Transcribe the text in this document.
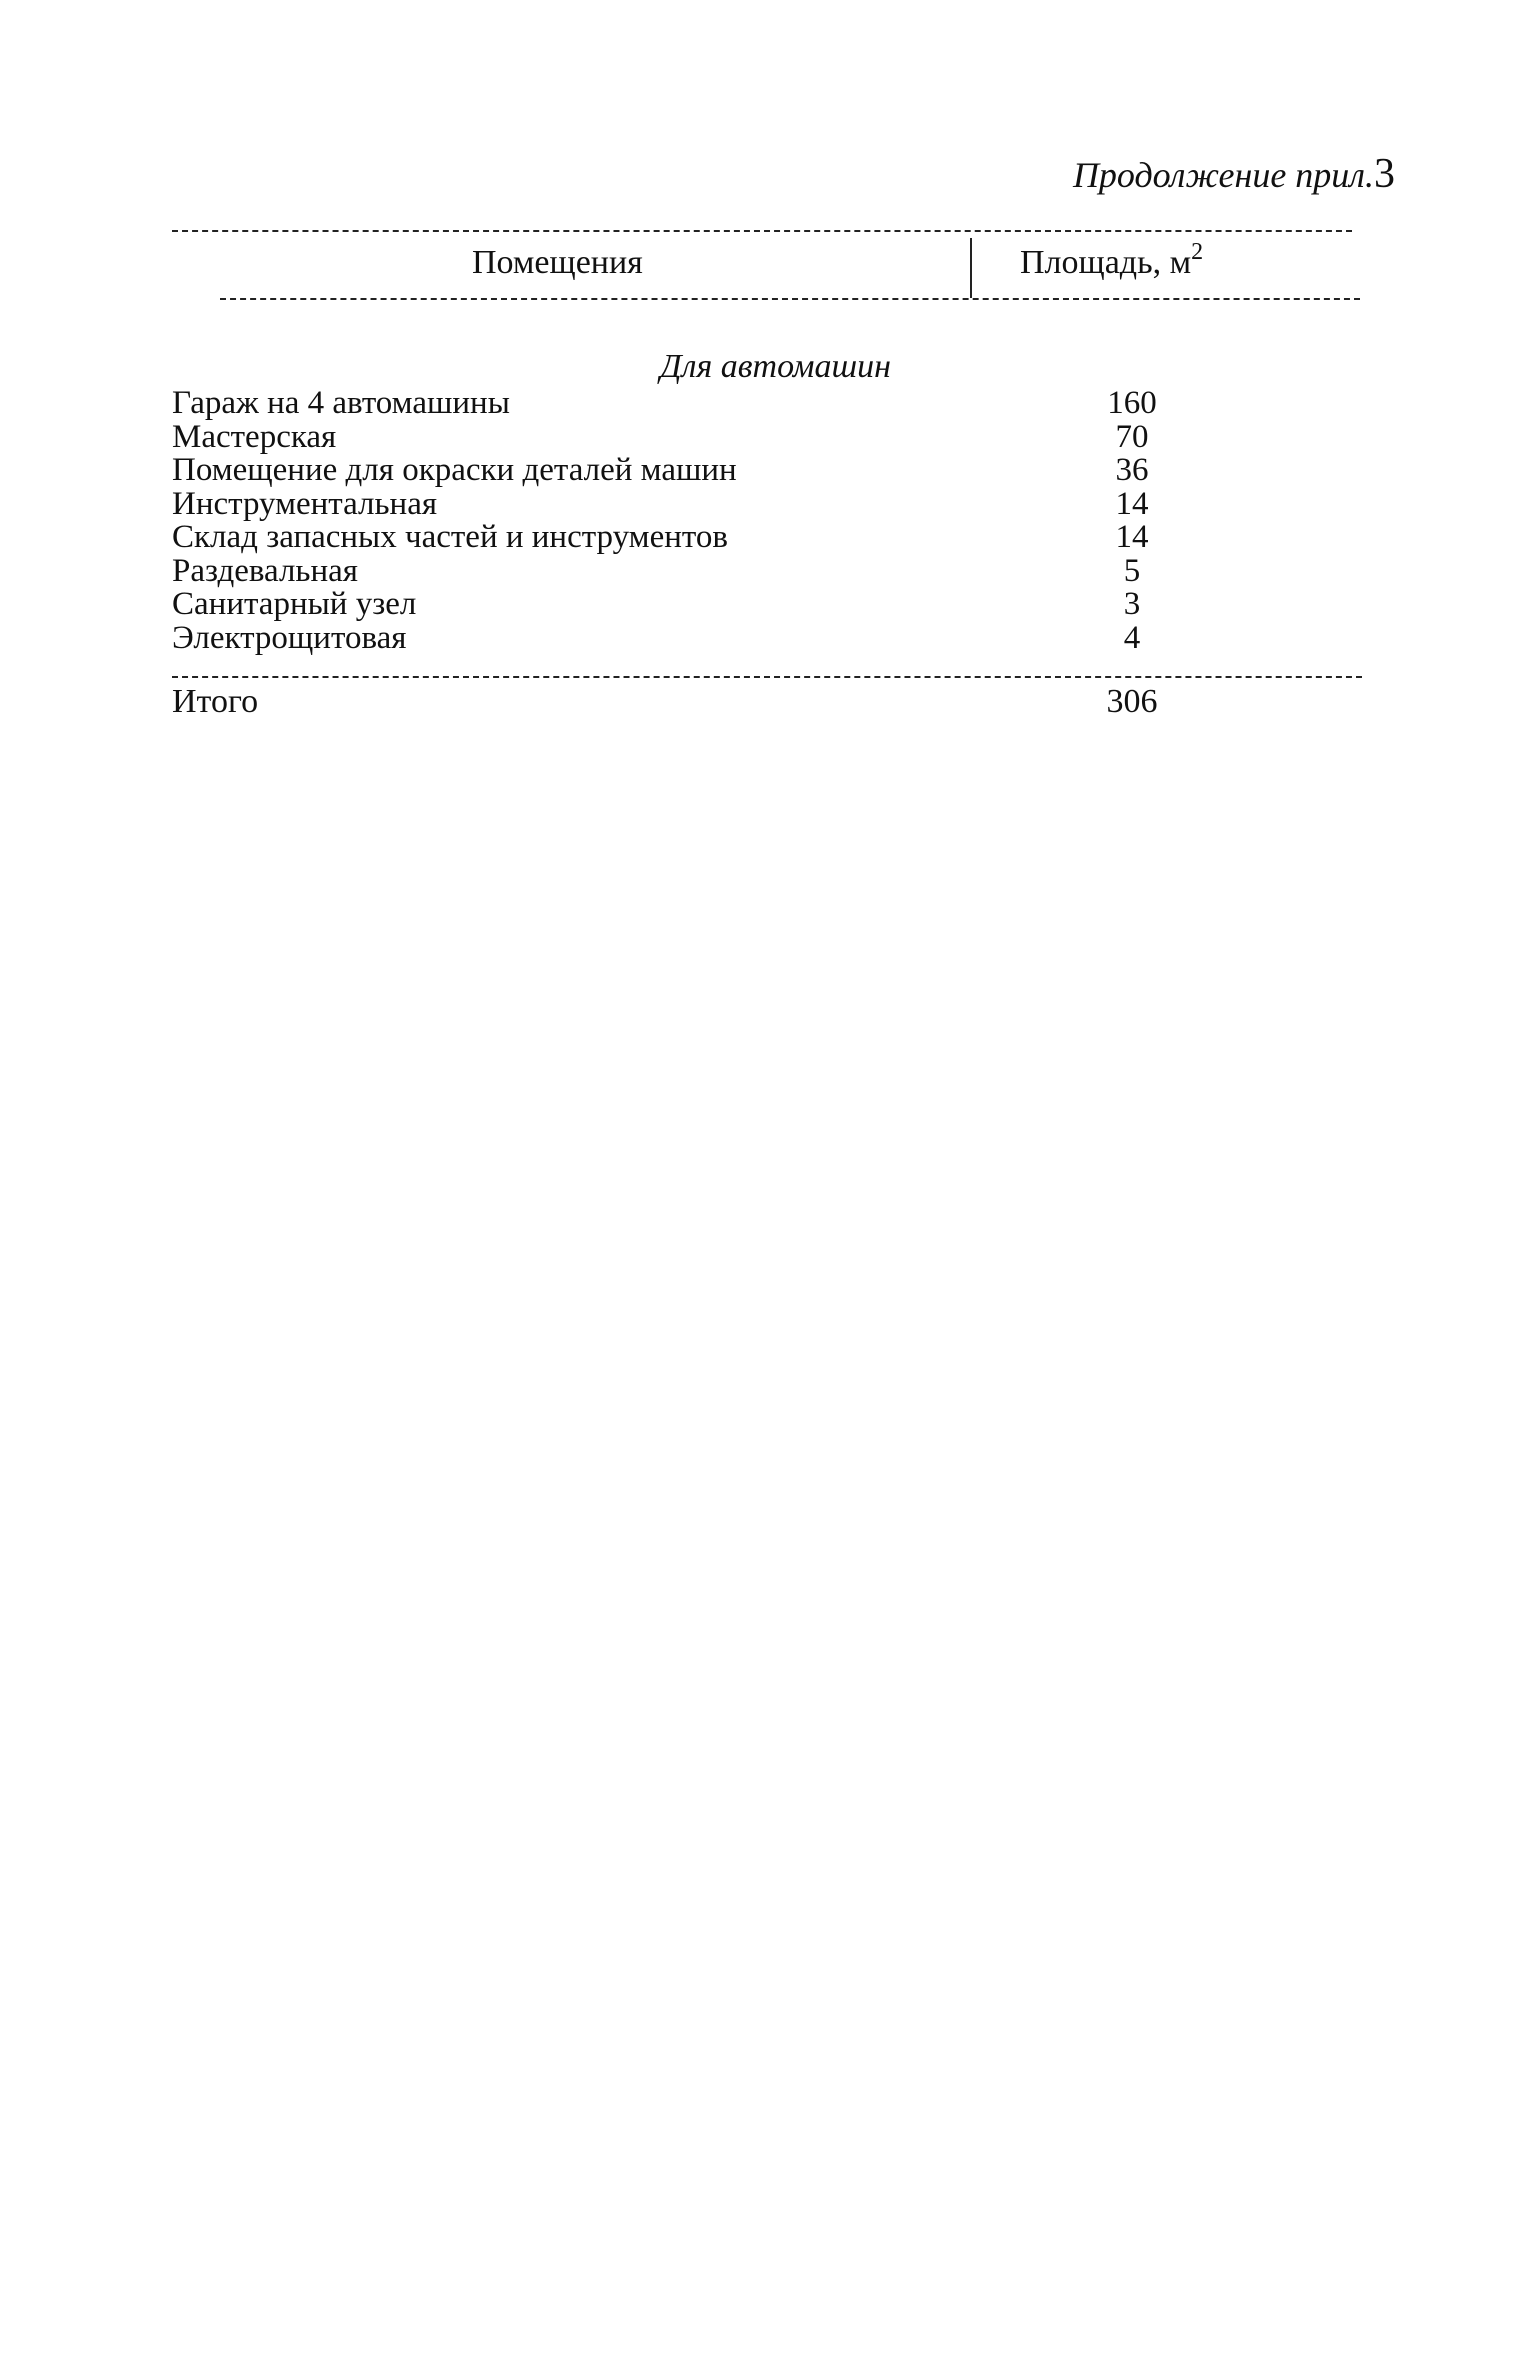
Продолжение прил.3
Помещения	Площадь, $м^2$
Для автомашин
Гараж на 4 автомашины	160
Мастерская	70
Помещение для окраски деталей машин	36
Инструментальная	14
Склад запасных частей и инструментов	14
Раздевальная	5
Санитарный узел	3
Электрощитовая	4
Итого	306
